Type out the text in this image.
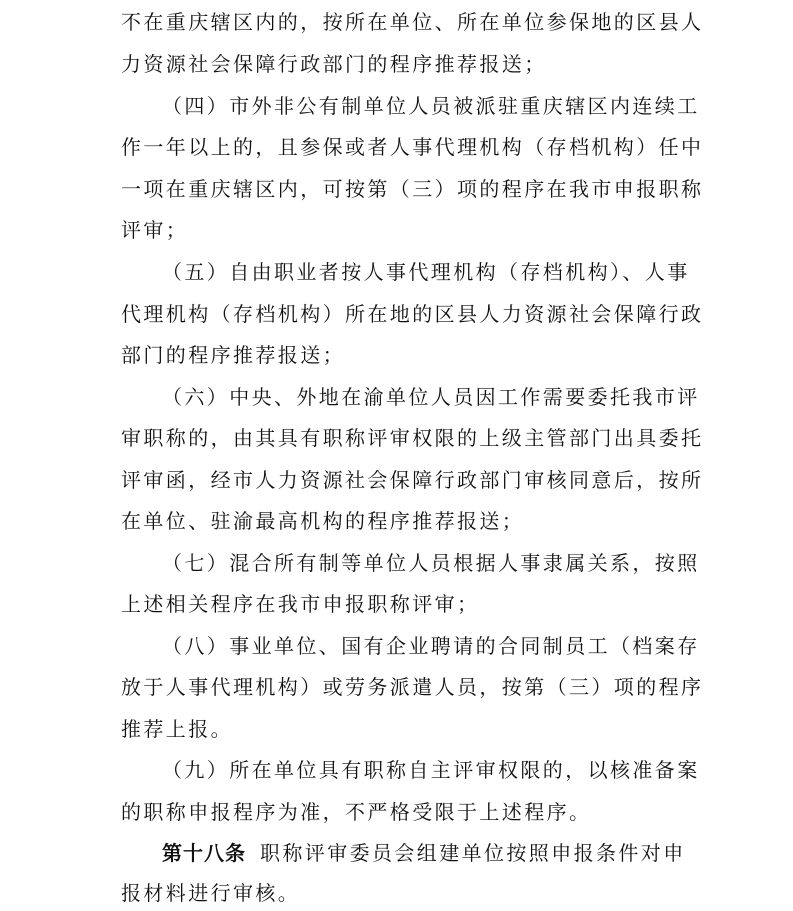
不在重庆辖区内的，按所在单位、所在单位参保地的区县人
力资源社会保障行政部门的程序推荐报送；
（四）市外非公有制单位人员被派驻重庆辖区内连续工
作一年以上的，且参保或者人事代理机构（存档机构）任中
一项在重庆辖区内，可按第（三）项的程序在我市申报职称
评审；
（五）自由职业者按人事代理机构（存档机构）、人事
代理机构（存档机构）所在地的区县人力资源社会保障行政
部门的程序推荐报送；
（六）中央、外地在渝单位人员因工作需要委托我市评
审职称的，由其具有职称评审权限的上级主管部门出具委托
评审函，经市人力资源社会保障行政部门审核同意后，按所
在单位、驻渝最高机构的程序推荐报送；
（七）混合所有制等单位人员根据人事隶属关系，按照
上述相关程序在我市申报职称评审；
（八）事业单位、国有企业聘请的合同制员工（档案存
放于人事代理机构）或劳务派遣人员，按第（三）项的程序
推荐上报。
（九）所在单位具有职称自主评审权限的，以核准备案
的职称申报程序为准，不严格受限于上述程序。
第十八条 职称评审委员会组建单位按照申报条件对申
报材料进行审核。
